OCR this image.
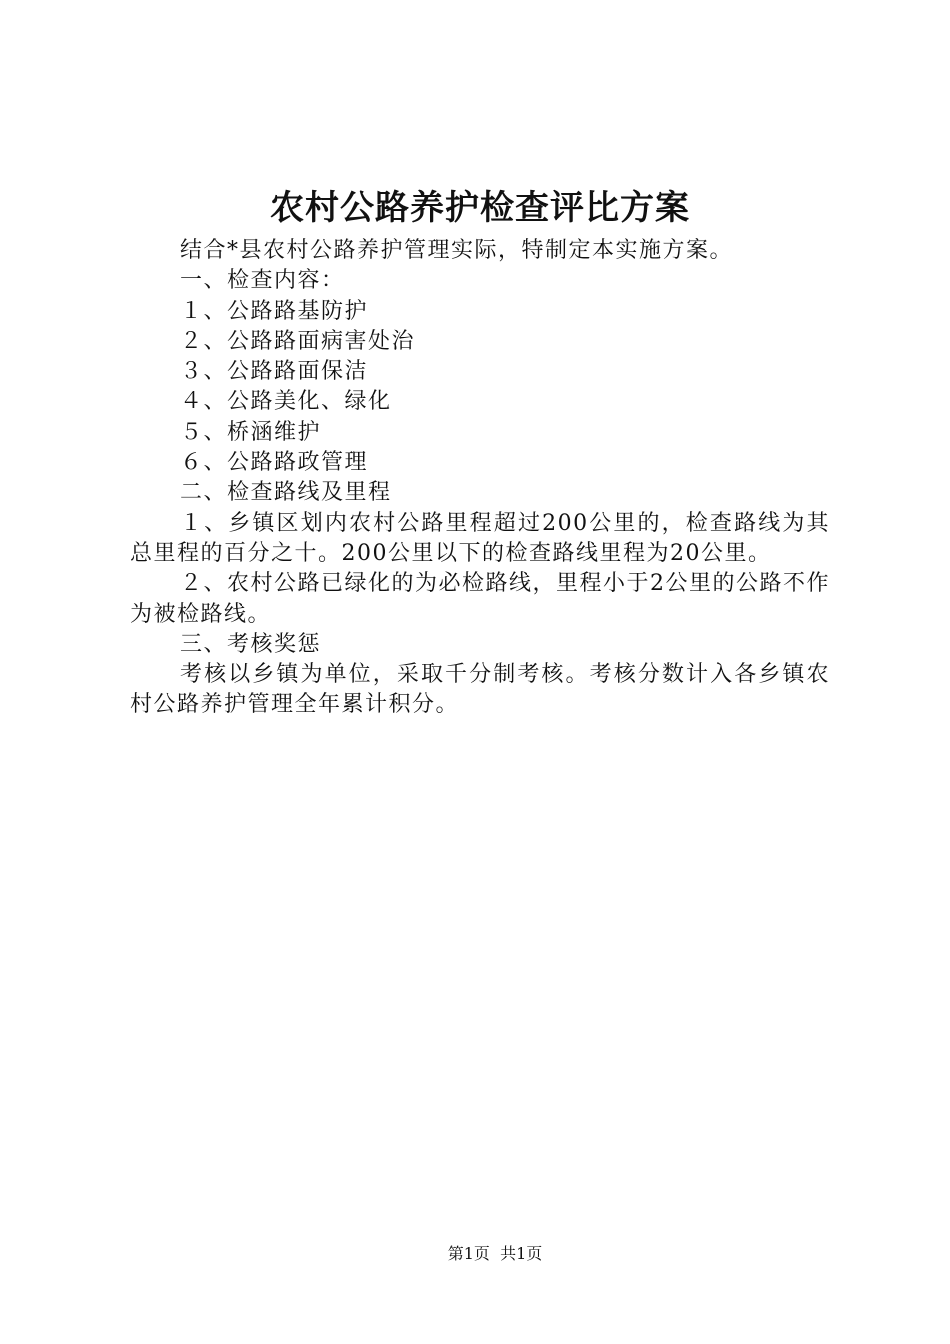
农村公路养护检查评比方案

结合*县农村公路养护管理实际，特制定本实施方案。

一、检查内容：

１、公路路基防护

２、公路路面病害处治

３、公路路面保洁

４、公路美化、绿化

５、桥涵维护

６、公路路政管理

二、检查路线及里程

１、乡镇区划内农村公路里程超过200公里的，检查路线为其总里程的百分之十。200公里以下的检查路线里程为20公里。

２、农村公路已绿化的为必检路线，里程小于2公里的公路不作为被检路线。

三、考核奖惩

考核以乡镇为单位，采取千分制考核。考核分数计入各乡镇农村公路养护管理全年累计积分。

第1页  共1页
